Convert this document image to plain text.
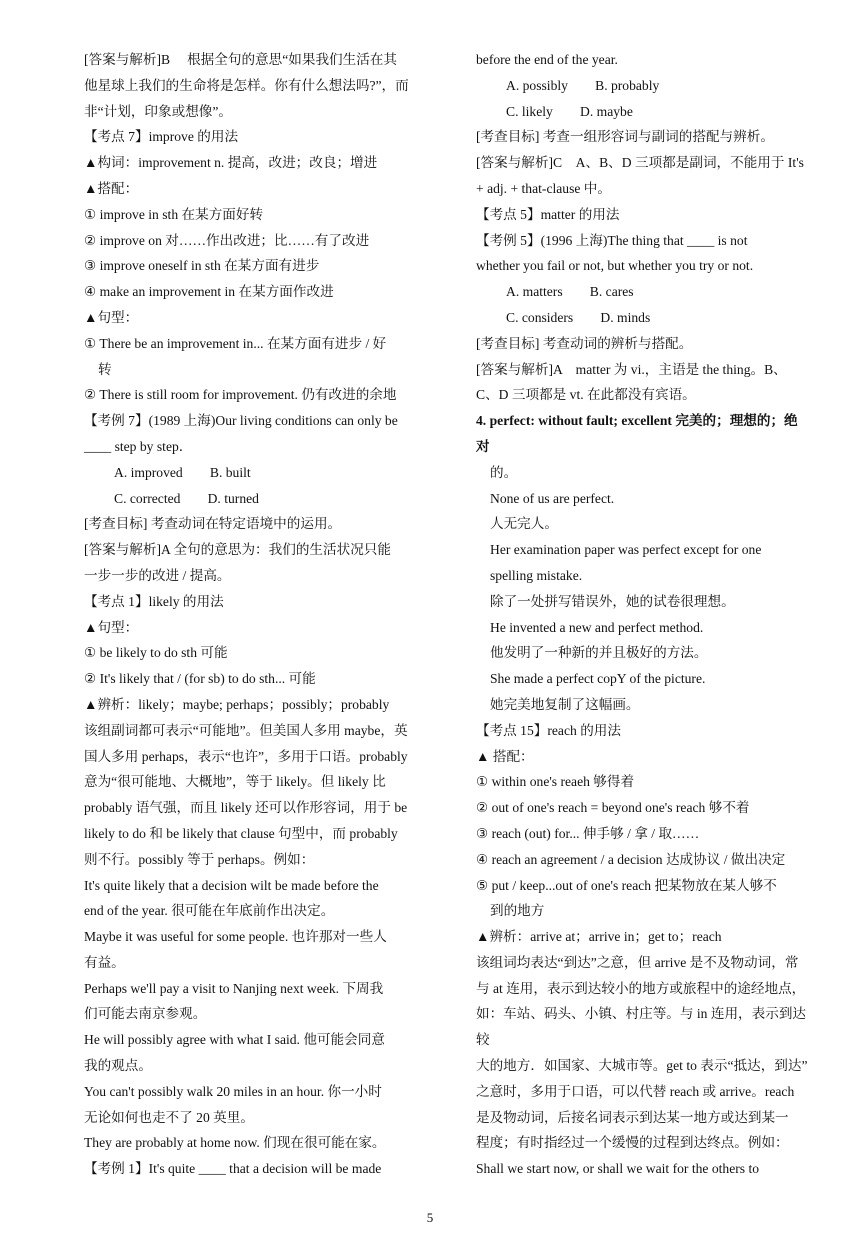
[答案与解析]B　 根据全句的意思“如果我们生活在其
他星球上我们的生命将是怎样。你有什么想法吗?”，而
非“计划，印象或想像”。
【考点 7】improve 的用法
▲构词：improvement n. 提高，改进；改良；增进
▲搭配：
① improve in sth 在某方面好转
② improve on 对……作出改进；比……有了改进
③ improve oneself in sth 在某方面有进步
④ make an improvement in 在某方面作改进
▲句型：
① There be an improvement in... 在某方面有进步 / 好
转
② There is still room for improvement. 仍有改进的余地
【考例 7】(1989 上海)Our living conditions can only be
____ step by step．
A. improved　　B. built
C. corrected　　D. turned
[考查目标] 考查动词在特定语境中的运用。
[答案与解析]A 全句的意思为：我们的生活状况只能
一步一步的改进 / 提高。
【考点 1】likely 的用法
▲句型：
① be likely to do sth 可能
② It's likely that / (for sb) to do sth... 可能
▲辨析：likely；maybe; perhaps；possibly；probably
该组副词都可表示“可能地”。但美国人多用 maybe，英
国人多用 perhaps，表示“也许”，多用于口语。probably
意为“很可能地、大概地”，等于 likely。但 likely 比
probably 语气强，而且 likely 还可以作形容词，用于 be
likely to do 和 be likely that clause 句型中，而 probably
则不行。possibly 等于 perhaps。例如：
It's quite likely that a decision wilt be made before the
end of the year. 很可能在年底前作出决定。
Maybe it was useful for some people. 也许那对一些人
有益。
Perhaps we'll pay a visit to Nanjing next week. 下周我
们可能去南京参观。
He will possibly agree with what I said. 他可能会同意
我的观点。
You can't possibly walk 20 miles in an hour. 你一小时
无论如何也走不了 20 英里。
They are probably at home now. 们现在很可能在家。
【考例 1】It's quite ____ that a decision will be made
before the end of the year.
A. possibly　　B. probably
C. likely　　D. maybe
[考查目标] 考查一组形容词与副词的搭配与辨析。
[答案与解析]C　A、B、D 三项都是副词，不能用于 It's
+ adj. + that-clause 中。
【考点 5】matter 的用法
【考例 5】(1996 上海)The thing that ____ is not
whether you fail or not, but whether you try or not.
A. matters　　B. cares
C. considers　　D. minds
[考查目标] 考查动词的辨析与搭配。
[答案与解析]A　matter 为 vi.，主语是 the thing。B、
C、D 三项都是 vt. 在此都没有宾语。
4. perfect: without fault; excellent 完美的；理想的；绝
对
的。
None of us are perfect.
人无完人。
Her examination paper was perfect except for one
spelling mistake.
除了一处拼写错误外，她的试卷很理想。
He invented a new and perfect method.
他发明了一种新的并且极好的方法。
She made a perfect copY of the picture.
她完美地复制了这幅画。
【考点 15】reach 的用法
▲ 搭配：
① within one's reaeh 够得着
② out of one's reach = beyond one's reach 够不着
③ reach (out) for... 伸手够 / 拿 / 取……
④ reach an agreement / a decision 达成协议 / 做出决定
⑤ put / keep...out of one's reach 把某物放在某人够不
到的地方
▲辨析：arrive at；arrive in；get to；reach
该组词均表达“到达”之意，但 arrive 是不及物动词，常
与 at 连用，表示到达较小的地方或旅程中的途经地点，
如：车站、码头、小镇、村庄等。与 in 连用，表示到达
较
大的地方．如国家、大城市等。get to 表示“抵达，到达”
之意时，多用于口语，可以代替 reach 或 arrive。reach
是及物动词，后接名词表示到达某一地方或达到某一
程度；有时指经过一个缓慢的过程到达终点。例如：
Shall we start now, or shall we wait for the others to
5
